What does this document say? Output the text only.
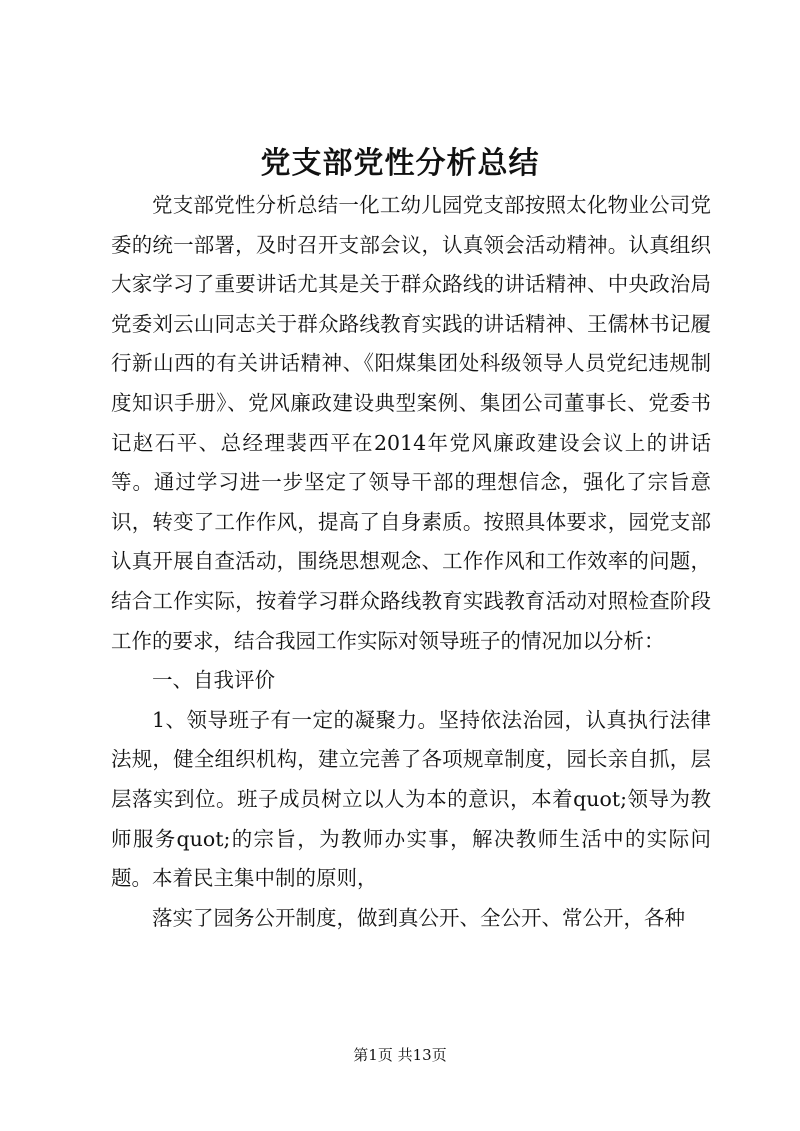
党支部党性分析总结

党支部党性分析总结一化工幼儿园党支部按照太化物业公司党委的统一部署，及时召开支部会议，认真领会活动精神。认真组织大家学习了重要讲话尤其是关于群众路线的讲话精神、中央政治局党委刘云山同志关于群众路线教育实践的讲话精神、王儒林书记履行新山西的有关讲话精神、《阳煤集团处科级领导人员党纪违规制度知识手册》、党风廉政建设典型案例、集团公司董事长、党委书记赵石平、总经理裴西平在2014年党风廉政建设会议上的讲话等。通过学习进一步坚定了领导干部的理想信念，强化了宗旨意识，转变了工作作风，提高了自身素质。按照具体要求，园党支部认真开展自查活动，围绕思想观念、工作作风和工作效率的问题，结合工作实际，按着学习群众路线教育实践教育活动对照检查阶段工作的要求，结合我园工作实际对领导班子的情况加以分析：

一、自我评价

1、领导班子有一定的凝聚力。坚持依法治园，认真执行法律法规，健全组织机构，建立完善了各项规章制度，园长亲自抓，层层落实到位。班子成员树立以人为本的意识，本着quot;领导为教师服务quot;的宗旨，为教师办实事，解决教师生活中的实际问题。本着民主集中制的原则，

落实了园务公开制度，做到真公开、全公开、常公开，各种

第1页 共13页
